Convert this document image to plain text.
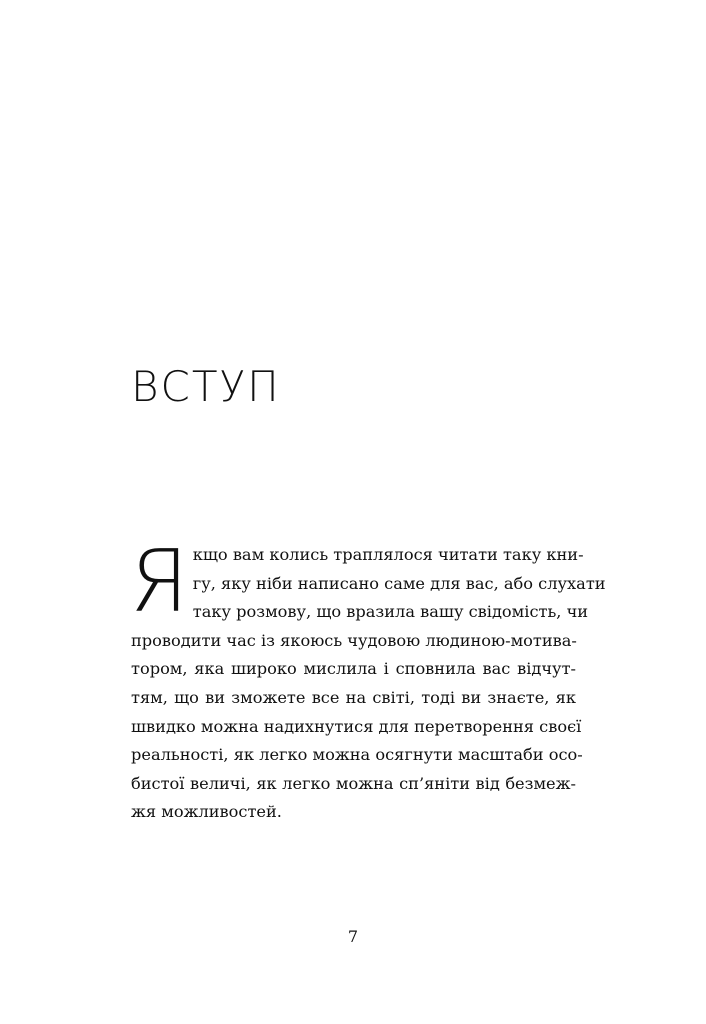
ВСТУП
Я кщо вам колись траплялося читати таку кни-
гу, яку ніби написано саме для вас, або слухати
таку розмову, що вразила вашу свідомість, чи
проводити час із якоюсь чудовою людиною-мотива-
тором, яка широко мислила і сповнила вас відчут-
тям, що ви зможете все на світі, тоді ви знаєте, як
швидко можна надихнутися для перетворення своєї
реальності, як легко можна осягнути масштаби осо-
бистої величі, як легко можна сп’яніти від безмеж-
жя можливостей.
7
